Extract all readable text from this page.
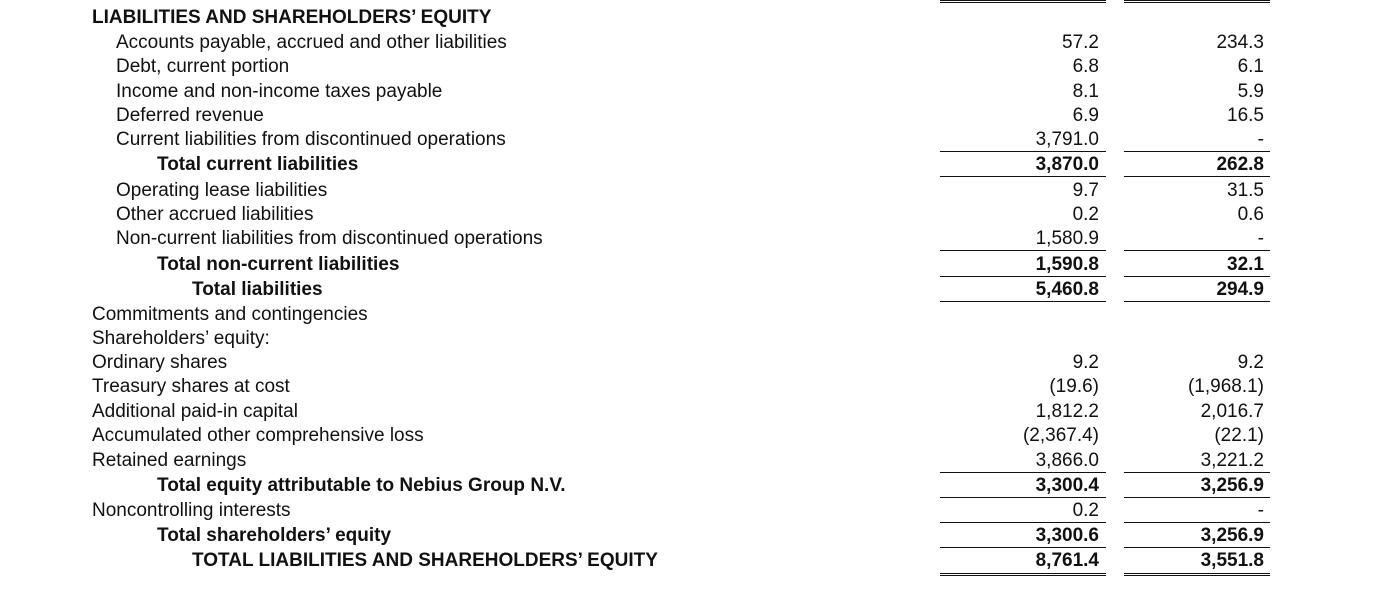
LIABILITIES AND SHAREHOLDERS’ EQUITY
Accounts payable, accrued and other liabilities	57.2	234.3
Debt, current portion	6.8	6.1
Income and non-income taxes payable	8.1	5.9
Deferred revenue	6.9	16.5
Current liabilities from discontinued operations	3,791.0	-
Total current liabilities	3,870.0	262.8
Operating lease liabilities	9.7	31.5
Other accrued liabilities	0.2	0.6
Non-current liabilities from discontinued operations	1,580.9	-
Total non-current liabilities	1,590.8	32.1
Total liabilities	5,460.8	294.9
Commitments and contingencies
Shareholders’ equity:
Ordinary shares	9.2	9.2
Treasury shares at cost	(19.6)	(1,968.1)
Additional paid-in capital	1,812.2	2,016.7
Accumulated other comprehensive loss	(2,367.4)	(22.1)
Retained earnings	3,866.0	3,221.2
Total equity attributable to Nebius Group N.V.	3,300.4	3,256.9
Noncontrolling interests	0.2	-
Total shareholders’ equity	3,300.6	3,256.9
TOTAL LIABILITIES AND SHAREHOLDERS’ EQUITY	8,761.4	3,551.8
